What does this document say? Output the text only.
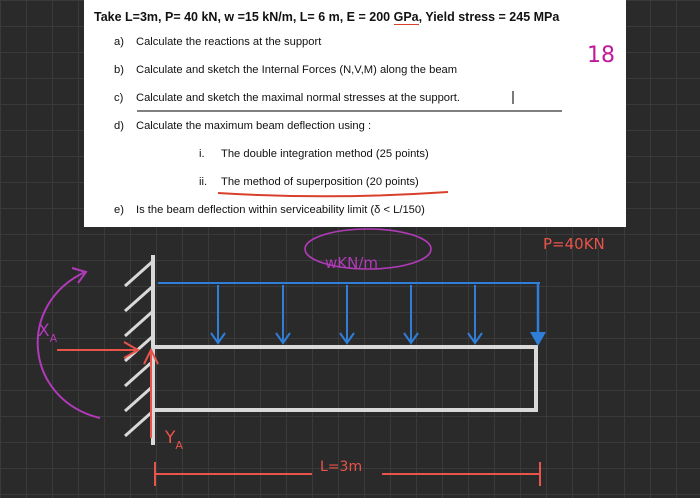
Take L=3m, P= 40 kN, w =15 kN/m, L= 6 m, E = 200 GPa, Yield stress = 245 MPa
a) Calculate the reactions at the support
b) Calculate and sketch the Internal Forces (N,V,M) along the beam
c) Calculate and sketch the maximal normal stresses at the support.
d) Calculate the maximum beam deflection using :
i. The double integration method (25 points)
ii. The method of superposition (20 points)
e) Is the beam deflection within serviceability limit (δ < L/150)
18
wKN/m
P=40KN
$X_A$
$Y_A$
L=3m
